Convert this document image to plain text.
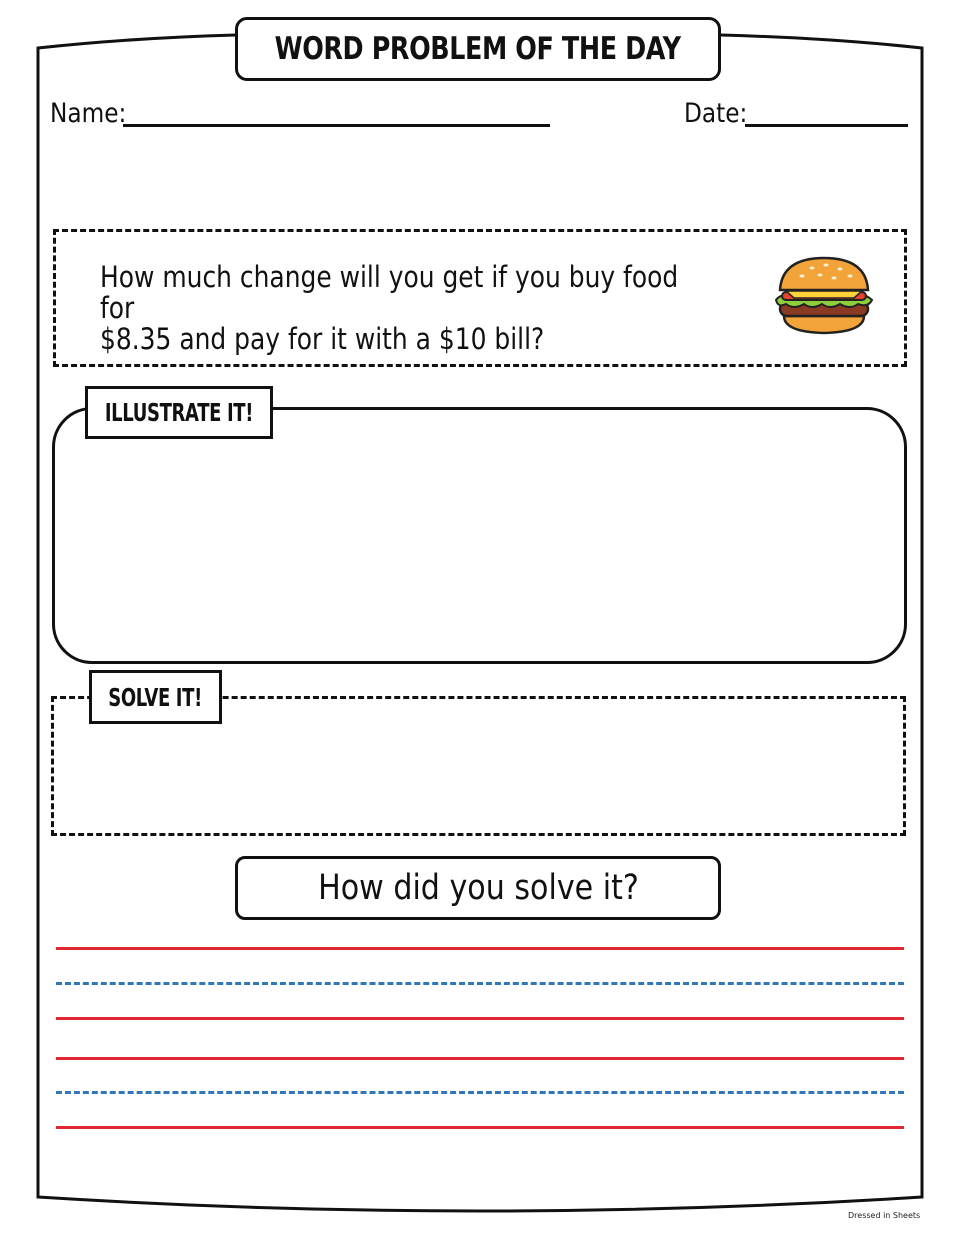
WORD PROBLEM OF THE DAY
Name:	Date:
How much change will you get if you buy food for
$8.35 and pay for it with a $10 bill?
ILLUSTRATE IT!
SOLVE IT!
How did you solve it?
Dressed in Sheets
